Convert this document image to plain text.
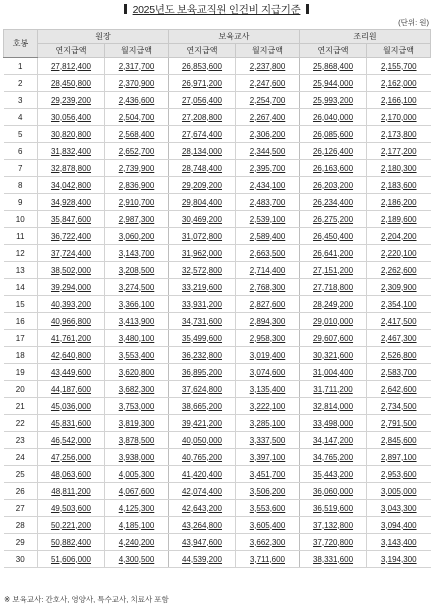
2025년도 보육교직원 인건비 지급기준
(단위: 원)
호봉	원장		보육교사		조리원	
	연지급액	월지급액	연지급액	월지급액	연지급액	월지급액
1	27,812,400	2,317,700	26,853,600	2,237,800	25,868,400	2,155,700
2	28,450,800	2,370,900	26,971,200	2,247,600	25,944,000	2,162,000
3	29,239,200	2,436,600	27,056,400	2,254,700	25,993,200	2,166,100
4	30,056,400	2,504,700	27,208,800	2,267,400	26,040,000	2,170,000
5	30,820,800	2,568,400	27,674,400	2,306,200	26,085,600	2,173,800
6	31,832,400	2,652,700	28,134,000	2,344,500	26,126,400	2,177,200
7	32,878,800	2,739,900	28,748,400	2,395,700	26,163,600	2,180,300
8	34,042,800	2,836,900	29,209,200	2,434,100	26,203,200	2,183,600
9	34,928,400	2,910,700	29,804,400	2,483,700	26,234,400	2,186,200
10	35,847,600	2,987,300	30,469,200	2,539,100	26,275,200	2,189,600
11	36,722,400	3,060,200	31,072,800	2,589,400	26,450,400	2,204,200
12	37,724,400	3,143,700	31,962,000	2,663,500	26,641,200	2,220,100
13	38,502,000	3,208,500	32,572,800	2,714,400	27,151,200	2,262,600
14	39,294,000	3,274,500	33,219,600	2,768,300	27,718,800	2,309,900
15	40,393,200	3,366,100	33,931,200	2,827,600	28,249,200	2,354,100
16	40,966,800	3,413,900	34,731,600	2,894,300	29,010,000	2,417,500
17	41,761,200	3,480,100	35,499,600	2,958,300	29,607,600	2,467,300
18	42,640,800	3,553,400	36,232,800	3,019,400	30,321,600	2,526,800
19	43,449,600	3,620,800	36,895,200	3,074,600	31,004,400	2,583,700
20	44,187,600	3,682,300	37,624,800	3,135,400	31,711,200	2,642,600
21	45,036,000	3,753,000	38,665,200	3,222,100	32,814,000	2,734,500
22	45,831,600	3,819,300	39,421,200	3,285,100	33,498,000	2,791,500
23	46,542,000	3,878,500	40,050,000	3,337,500	34,147,200	2,845,600
24	47,256,000	3,938,000	40,765,200	3,397,100	34,765,200	2,897,100
25	48,063,600	4,005,300	41,420,400	3,451,700	35,443,200	2,953,600
26	48,811,200	4,067,600	42,074,400	3,506,200	36,060,000	3,005,000
27	49,503,600	4,125,300	42,643,200	3,553,600	36,519,600	3,043,300
28	50,221,200	4,185,100	43,264,800	3,605,400	37,132,800	3,094,400
29	50,882,400	4,240,200	43,947,600	3,662,300	37,720,800	3,143,400
30	51,606,000	4,300,500	44,539,200	3,711,600	38,331,600	3,194,300
※ 보육교사: 간호사, 영양사, 특수교사, 치료사 포함
